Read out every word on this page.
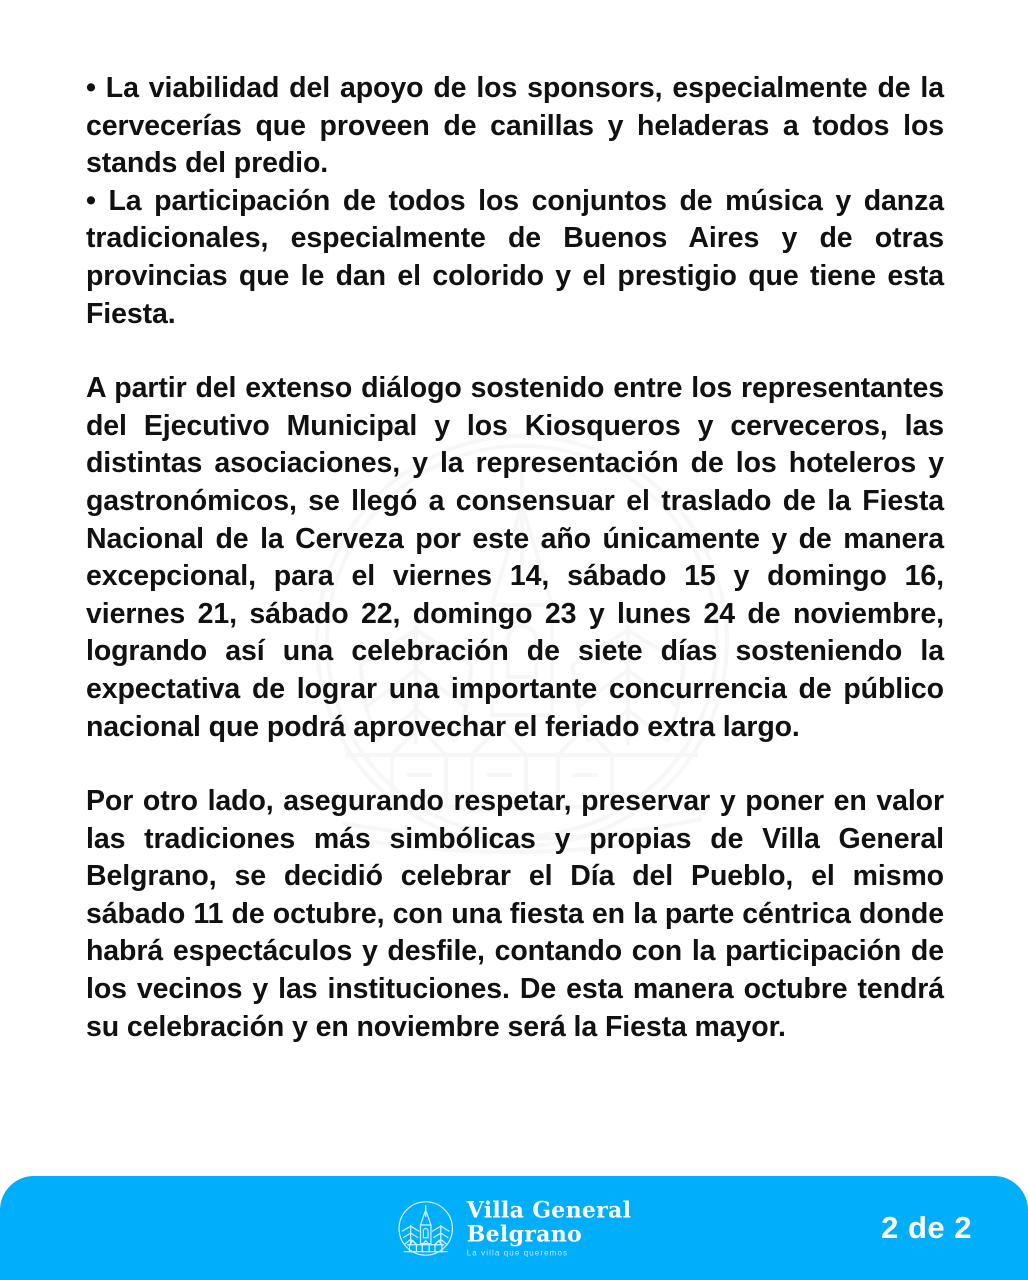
• La viabilidad del apoyo de los sponsors, especialmente de la cervecerías que proveen de canillas y heladeras a todos los stands del predio.

• La participación de todos los conjuntos de música y danza tradicionales, especialmente de Buenos Aires y de otras provincias que le dan el colorido y el prestigio que tiene esta Fiesta.

A partir del extenso diálogo sostenido entre los representantes del Ejecutivo Municipal y los Kiosqueros y cerveceros, las distintas asociaciones, y la representación de los hoteleros y gastronómicos, se llegó a consensuar el traslado de la Fiesta Nacional de la Cerveza por este año únicamente y de manera excepcional, para el viernes 14, sábado 15 y domingo 16, viernes 21, sábado 22, domingo 23 y lunes 24 de noviembre, logrando así una celebración de siete días sosteniendo la expectativa de lograr una importante concurrencia de público nacional que podrá aprovechar el feriado extra largo.

Por otro lado, asegurando respetar, preservar y poner en valor las tradiciones más simbólicas y propias de Villa General Belgrano, se decidió celebrar el Día del Pueblo, el mismo sábado 11 de octubre, con una fiesta en la parte céntrica donde habrá espectáculos y desfile, contando con la participación de los vecinos y las instituciones. De esta manera octubre tendrá su celebración y en noviembre será la Fiesta mayor.

Villa General
Belgrano
La villa que queremos
2 de 2
